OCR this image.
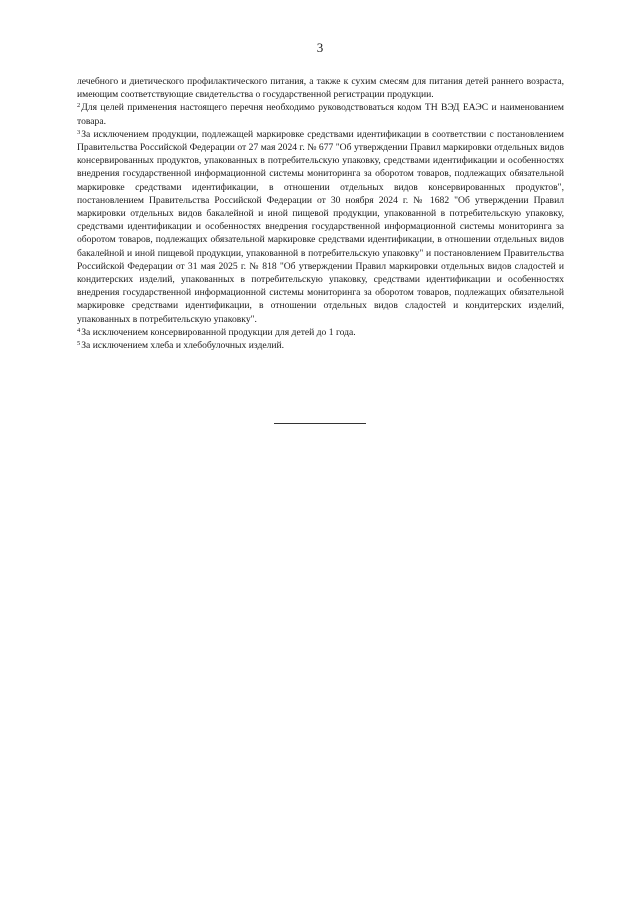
3

лечебного и диетического профилактического питания, а также к сухим смесям для питания детей раннего возраста, имеющим соответствующие свидетельства о государственной регистрации продукции.

$^2$Для целей применения настоящего перечня необходимо руководствоваться кодом ТН ВЭД ЕАЭС и наименованием товара.

$^3$За исключением продукции, подлежащей маркировке средствами идентификации в соответствии с постановлением Правительства Российской Федерации от 27 мая 2024 г. № 677 "Об утверждении Правил маркировки отдельных видов консервированных продуктов, упакованных в потребительскую упаковку, средствами идентификации и особенностях внедрения государственной информационной системы мониторинга за оборотом товаров, подлежащих обязательной маркировке средствами идентификации, в отношении отдельных видов консервированных продуктов", постановлением Правительства Российской Федерации от 30 ноября 2024 г. № 1682 "Об утверждении Правил маркировки отдельных видов бакалейной и иной пищевой продукции, упакованной в потребительскую упаковку, средствами идентификации и особенностях внедрения государственной информационной системы мониторинга за оборотом товаров, подлежащих обязательной маркировке средствами идентификации, в отношении отдельных видов бакалейной и иной пищевой продукции, упакованной в потребительскую упаковку" и постановлением Правительства Российской Федерации от 31 мая 2025 г. № 818 "Об утверждении Правил маркировки отдельных видов сладостей и кондитерских изделий, упакованных в потребительскую упаковку, средствами идентификации и особенностях внедрения государственной информационной системы мониторинга за оборотом товаров, подлежащих обязательной маркировке средствами идентификации, в отношении отдельных видов сладостей и кондитерских изделий, упакованных в потребительскую упаковку".

$^4$За исключением консервированной продукции для детей до 1 года.

$^5$За исключением хлеба и хлебобулочных изделий.
